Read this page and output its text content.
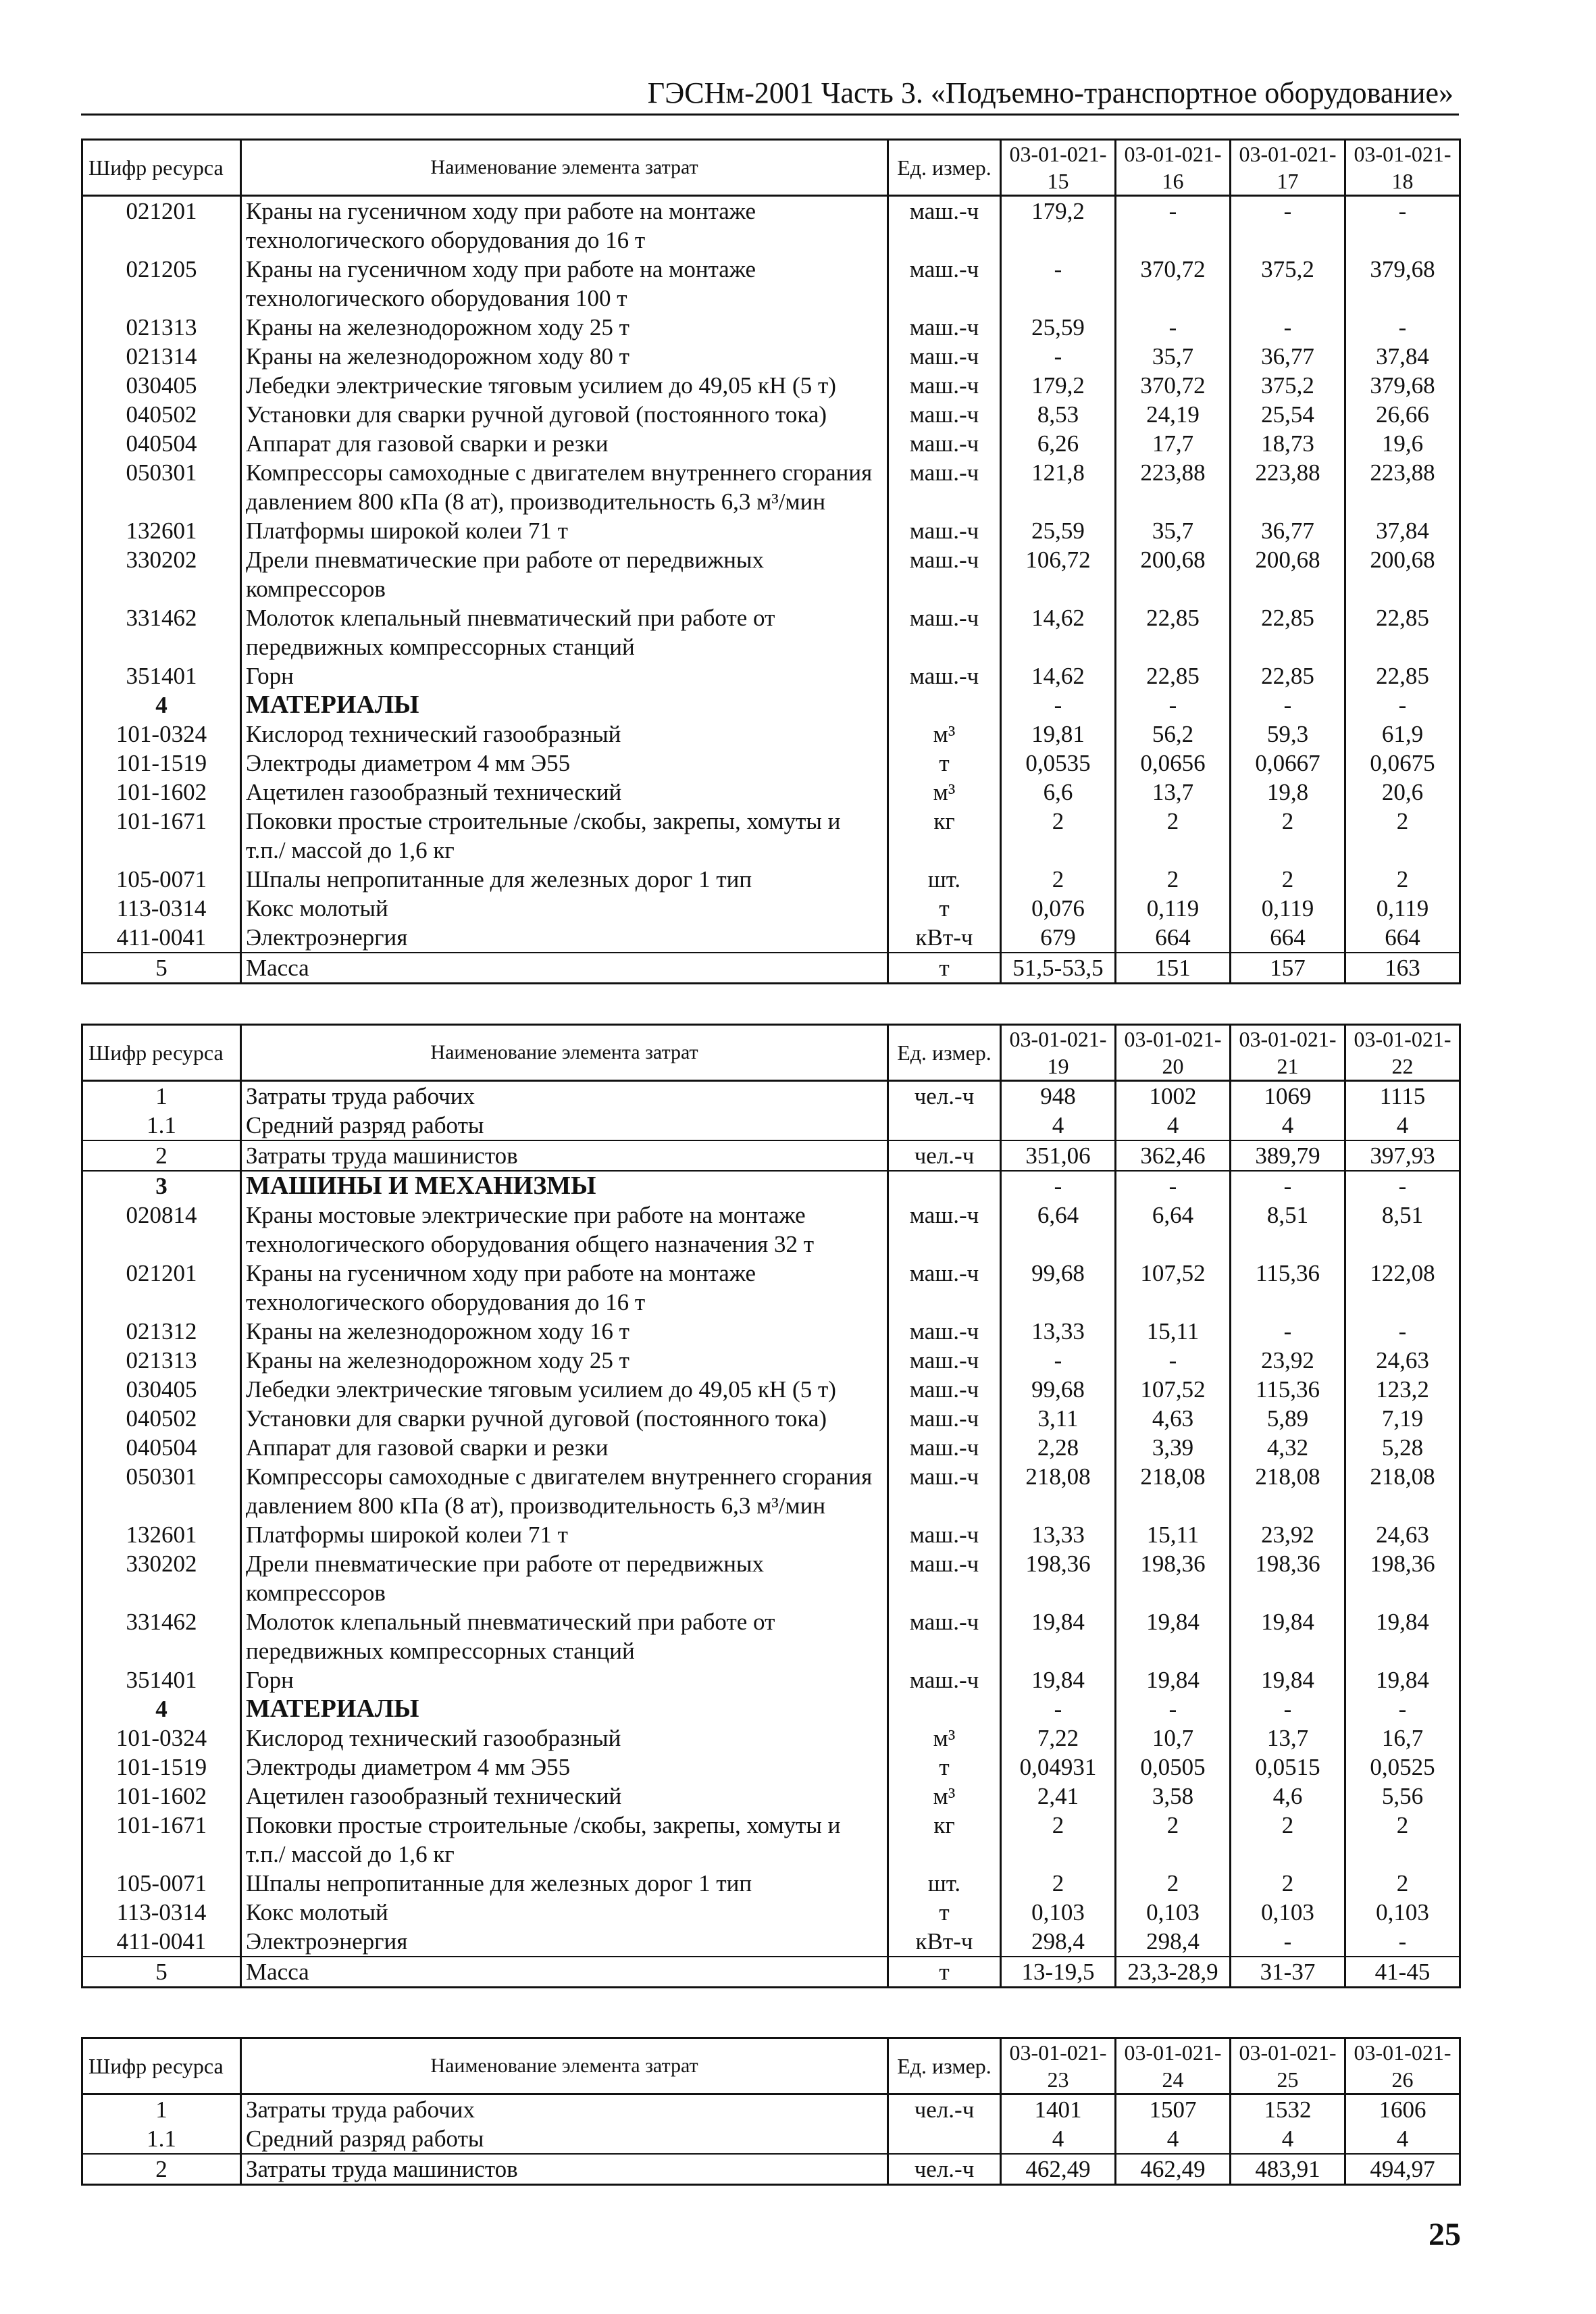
ГЭСНм-2001 Часть 3. «Подъемно-транспортное оборудование»
Шифр ресурса	Наименование элемента затрат	Ед. измер.	03-01-021-15	03-01-021-16	03-01-021-17	03-01-021-18
021201	Краны на гусеничном ходу при работе на монтаже технологического оборудования до 16 т	маш.-ч	179,2	-	-	-
021205	Краны на гусеничном ходу при работе на монтаже технологического оборудования 100 т	маш.-ч	-	370,72	375,2	379,68
021313	Краны на железнодорожном ходу 25 т	маш.-ч	25,59	-	-	-
021314	Краны на железнодорожном ходу 80 т	маш.-ч	-	35,7	36,77	37,84
030405	Лебедки электрические тяговым усилием до 49,05 кН (5 т)	маш.-ч	179,2	370,72	375,2	379,68
040502	Установки для сварки ручной дуговой (постоянного тока)	маш.-ч	8,53	24,19	25,54	26,66
040504	Аппарат для газовой сварки и резки	маш.-ч	6,26	17,7	18,73	19,6
050301	Компрессоры самоходные с двигателем внутреннего сгорания давлением 800 кПа (8 ат), производительность 6,3 м³/мин	маш.-ч	121,8	223,88	223,88	223,88
132601	Платформы широкой колеи 71 т	маш.-ч	25,59	35,7	36,77	37,84
330202	Дрели пневматические при работе от передвижных компрессоров	маш.-ч	106,72	200,68	200,68	200,68
331462	Молоток клепальный пневматический при работе от передвижных компрессорных станций	маш.-ч	14,62	22,85	22,85	22,85
351401	Горн	маш.-ч	14,62	22,85	22,85	22,85
4	МАТЕРИАЛЫ		-	-	-	-
101-0324	Кислород технический газообразный	м³	19,81	56,2	59,3	61,9
101-1519	Электроды диаметром 4 мм Э55	т	0,0535	0,0656	0,0667	0,0675
101-1602	Ацетилен газообразный технический	м³	6,6	13,7	19,8	20,6
101-1671	Поковки простые строительные /скобы, закрепы, хомуты и т.п./ массой до 1,6 кг	кг	2	2	2	2
105-0071	Шпалы непропитанные для железных дорог 1 тип	шт.	2	2	2	2
113-0314	Кокс молотый	т	0,076	0,119	0,119	0,119
411-0041	Электроэнергия	кВт-ч	679	664	664	664
5	Масса	т	51,5-53,5	151	157	163
Шифр ресурса	Наименование элемента затрат	Ед. измер.	03-01-021-19	03-01-021-20	03-01-021-21	03-01-021-22
1	Затраты труда рабочих	чел.-ч	948	1002	1069	1115
1.1	Средний разряд работы		4	4	4	4
2	Затраты труда машинистов	чел.-ч	351,06	362,46	389,79	397,93
3	МАШИНЫ И МЕХАНИЗМЫ		-	-	-	-
020814	Краны мостовые электрические при работе на монтаже технологического оборудования общего назначения 32 т	маш.-ч	6,64	6,64	8,51	8,51
021201	Краны на гусеничном ходу при работе на монтаже технологического оборудования до 16 т	маш.-ч	99,68	107,52	115,36	122,08
021312	Краны на железнодорожном ходу 16 т	маш.-ч	13,33	15,11	-	-
021313	Краны на железнодорожном ходу 25 т	маш.-ч	-	-	23,92	24,63
030405	Лебедки электрические тяговым усилием до 49,05 кН (5 т)	маш.-ч	99,68	107,52	115,36	123,2
040502	Установки для сварки ручной дуговой (постоянного тока)	маш.-ч	3,11	4,63	5,89	7,19
040504	Аппарат для газовой сварки и резки	маш.-ч	2,28	3,39	4,32	5,28
050301	Компрессоры самоходные с двигателем внутреннего сгорания давлением 800 кПа (8 ат), производительность 6,3 м³/мин	маш.-ч	218,08	218,08	218,08	218,08
132601	Платформы широкой колеи 71 т	маш.-ч	13,33	15,11	23,92	24,63
330202	Дрели пневматические при работе от передвижных компрессоров	маш.-ч	198,36	198,36	198,36	198,36
331462	Молоток клепальный пневматический при работе от передвижных компрессорных станций	маш.-ч	19,84	19,84	19,84	19,84
351401	Горн	маш.-ч	19,84	19,84	19,84	19,84
4	МАТЕРИАЛЫ		-	-	-	-
101-0324	Кислород технический газообразный	м³	7,22	10,7	13,7	16,7
101-1519	Электроды диаметром 4 мм Э55	т	0,04931	0,0505	0,0515	0,0525
101-1602	Ацетилен газообразный технический	м³	2,41	3,58	4,6	5,56
101-1671	Поковки простые строительные /скобы, закрепы, хомуты и т.п./ массой до 1,6 кг	кг	2	2	2	2
105-0071	Шпалы непропитанные для железных дорог 1 тип	шт.	2	2	2	2
113-0314	Кокс молотый	т	0,103	0,103	0,103	0,103
411-0041	Электроэнергия	кВт-ч	298,4	298,4	-	-
5	Масса	т	13-19,5	23,3-28,9	31-37	41-45
Шифр ресурса	Наименование элемента затрат	Ед. измер.	03-01-021-23	03-01-021-24	03-01-021-25	03-01-021-26
1	Затраты труда рабочих	чел.-ч	1401	1507	1532	1606
1.1	Средний разряд работы		4	4	4	4
2	Затраты труда машинистов	чел.-ч	462,49	462,49	483,91	494,97
25
